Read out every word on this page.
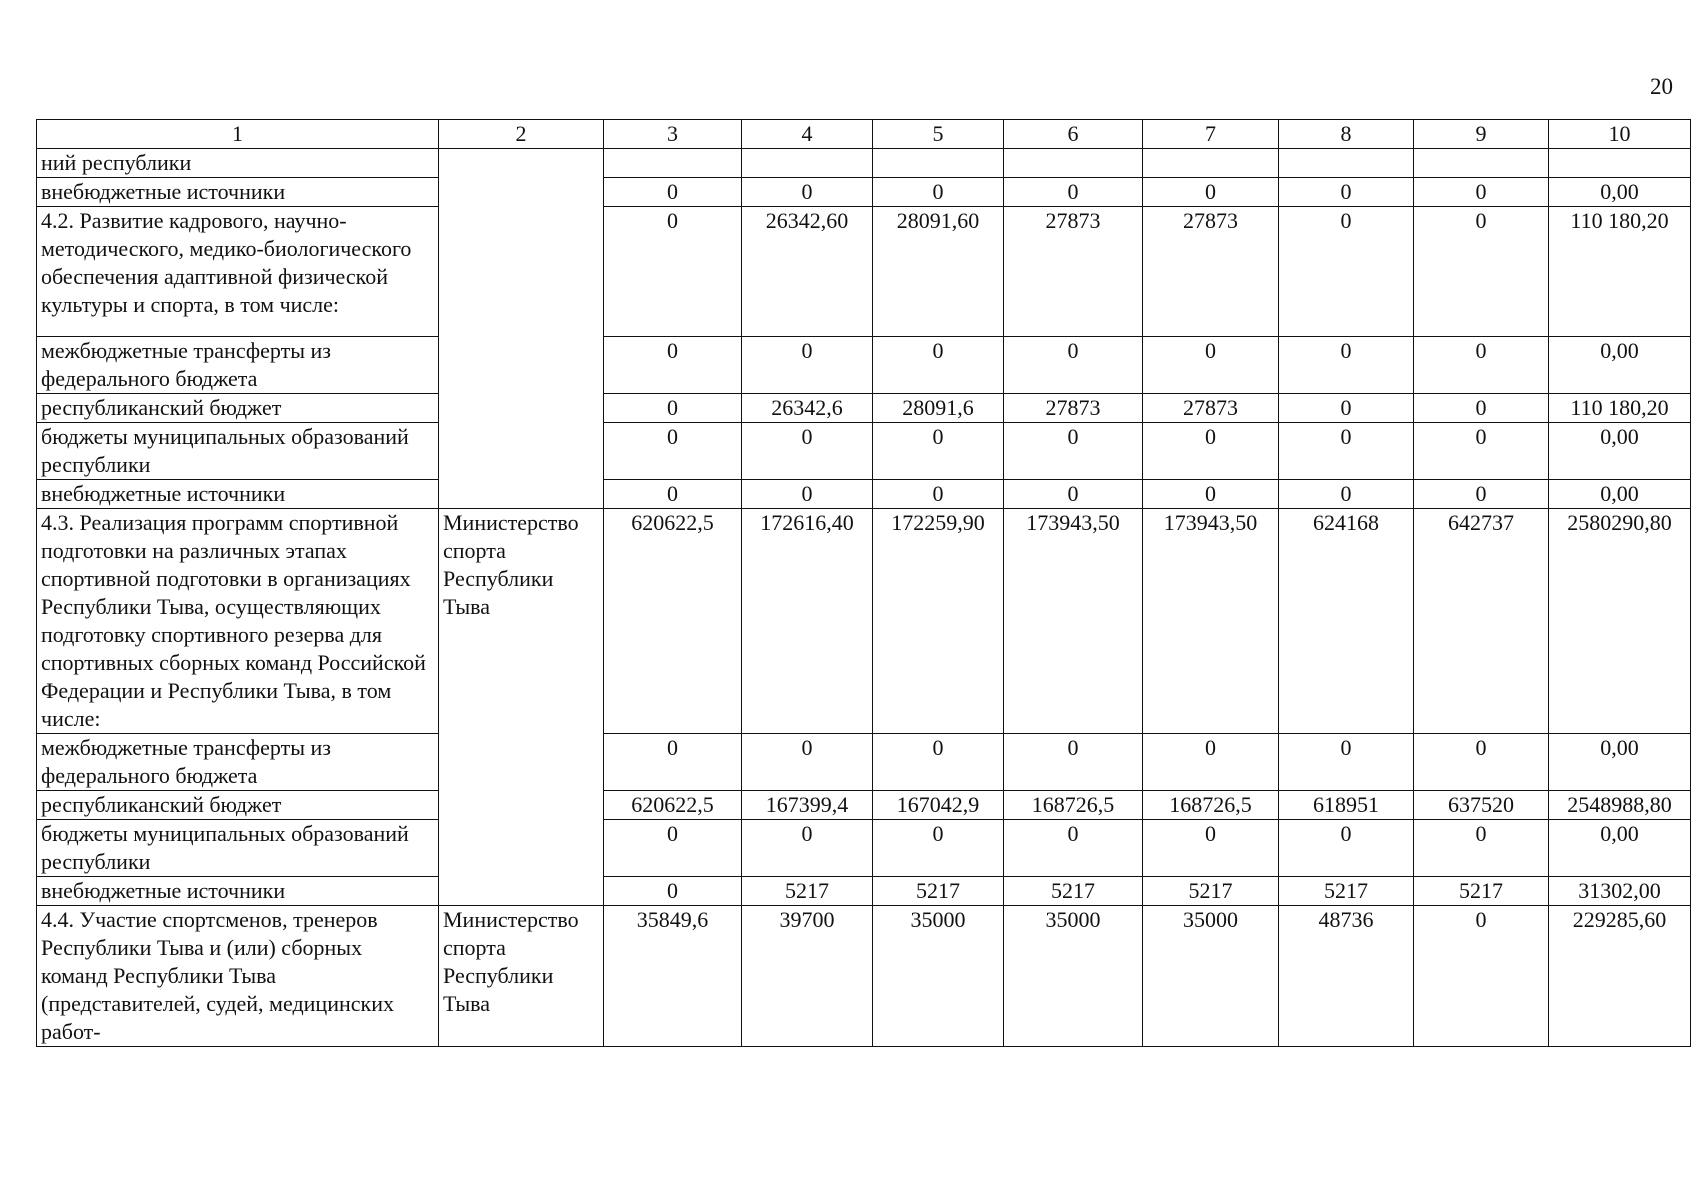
20
1	2	3	4	5	6	7	8	9	10
ний республики									
внебюджетные источники		0	0	0	0	0	0	0	0,00
4.2. Развитие кадрового, научно-методического, медико-биологического обеспечения адаптивной физической культуры и спорта, в том числе:		0	26342,60	28091,60	27873	27873	0	0	110 180,20
межбюджетные трансферты из федерального бюджета		0	0	0	0	0	0	0	0,00
республиканский бюджет		0	26342,6	28091,6	27873	27873	0	0	110 180,20
бюджеты муниципальных образований республики		0	0	0	0	0	0	0	0,00
внебюджетные источники		0	0	0	0	0	0	0	0,00
4.3. Реализация программ спортивной подготовки на различных этапах спортивной подготовки в организациях Республики Тыва, осуществляющих подготовку спортивного резерва для спортивных сборных команд Российской Федерации и Республики Тыва, в том числе:	Министерство спорта Республики Тыва	620622,5	172616,40	172259,90	173943,50	173943,50	624168	642737	2580290,80
межбюджетные трансферты из федерального бюджета		0	0	0	0	0	0	0	0,00
республиканский бюджет		620622,5	167399,4	167042,9	168726,5	168726,5	618951	637520	2548988,80
бюджеты муниципальных образований республики		0	0	0	0	0	0	0	0,00
внебюджетные источники		0	5217	5217	5217	5217	5217	5217	31302,00
4.4. Участие спортсменов, тренеров Республики Тыва и (или) сборных команд Республики Тыва (представителей, судей, медицинских работ-	Министерство спорта Республики Тыва	35849,6	39700	35000	35000	35000	48736	0	229285,60
